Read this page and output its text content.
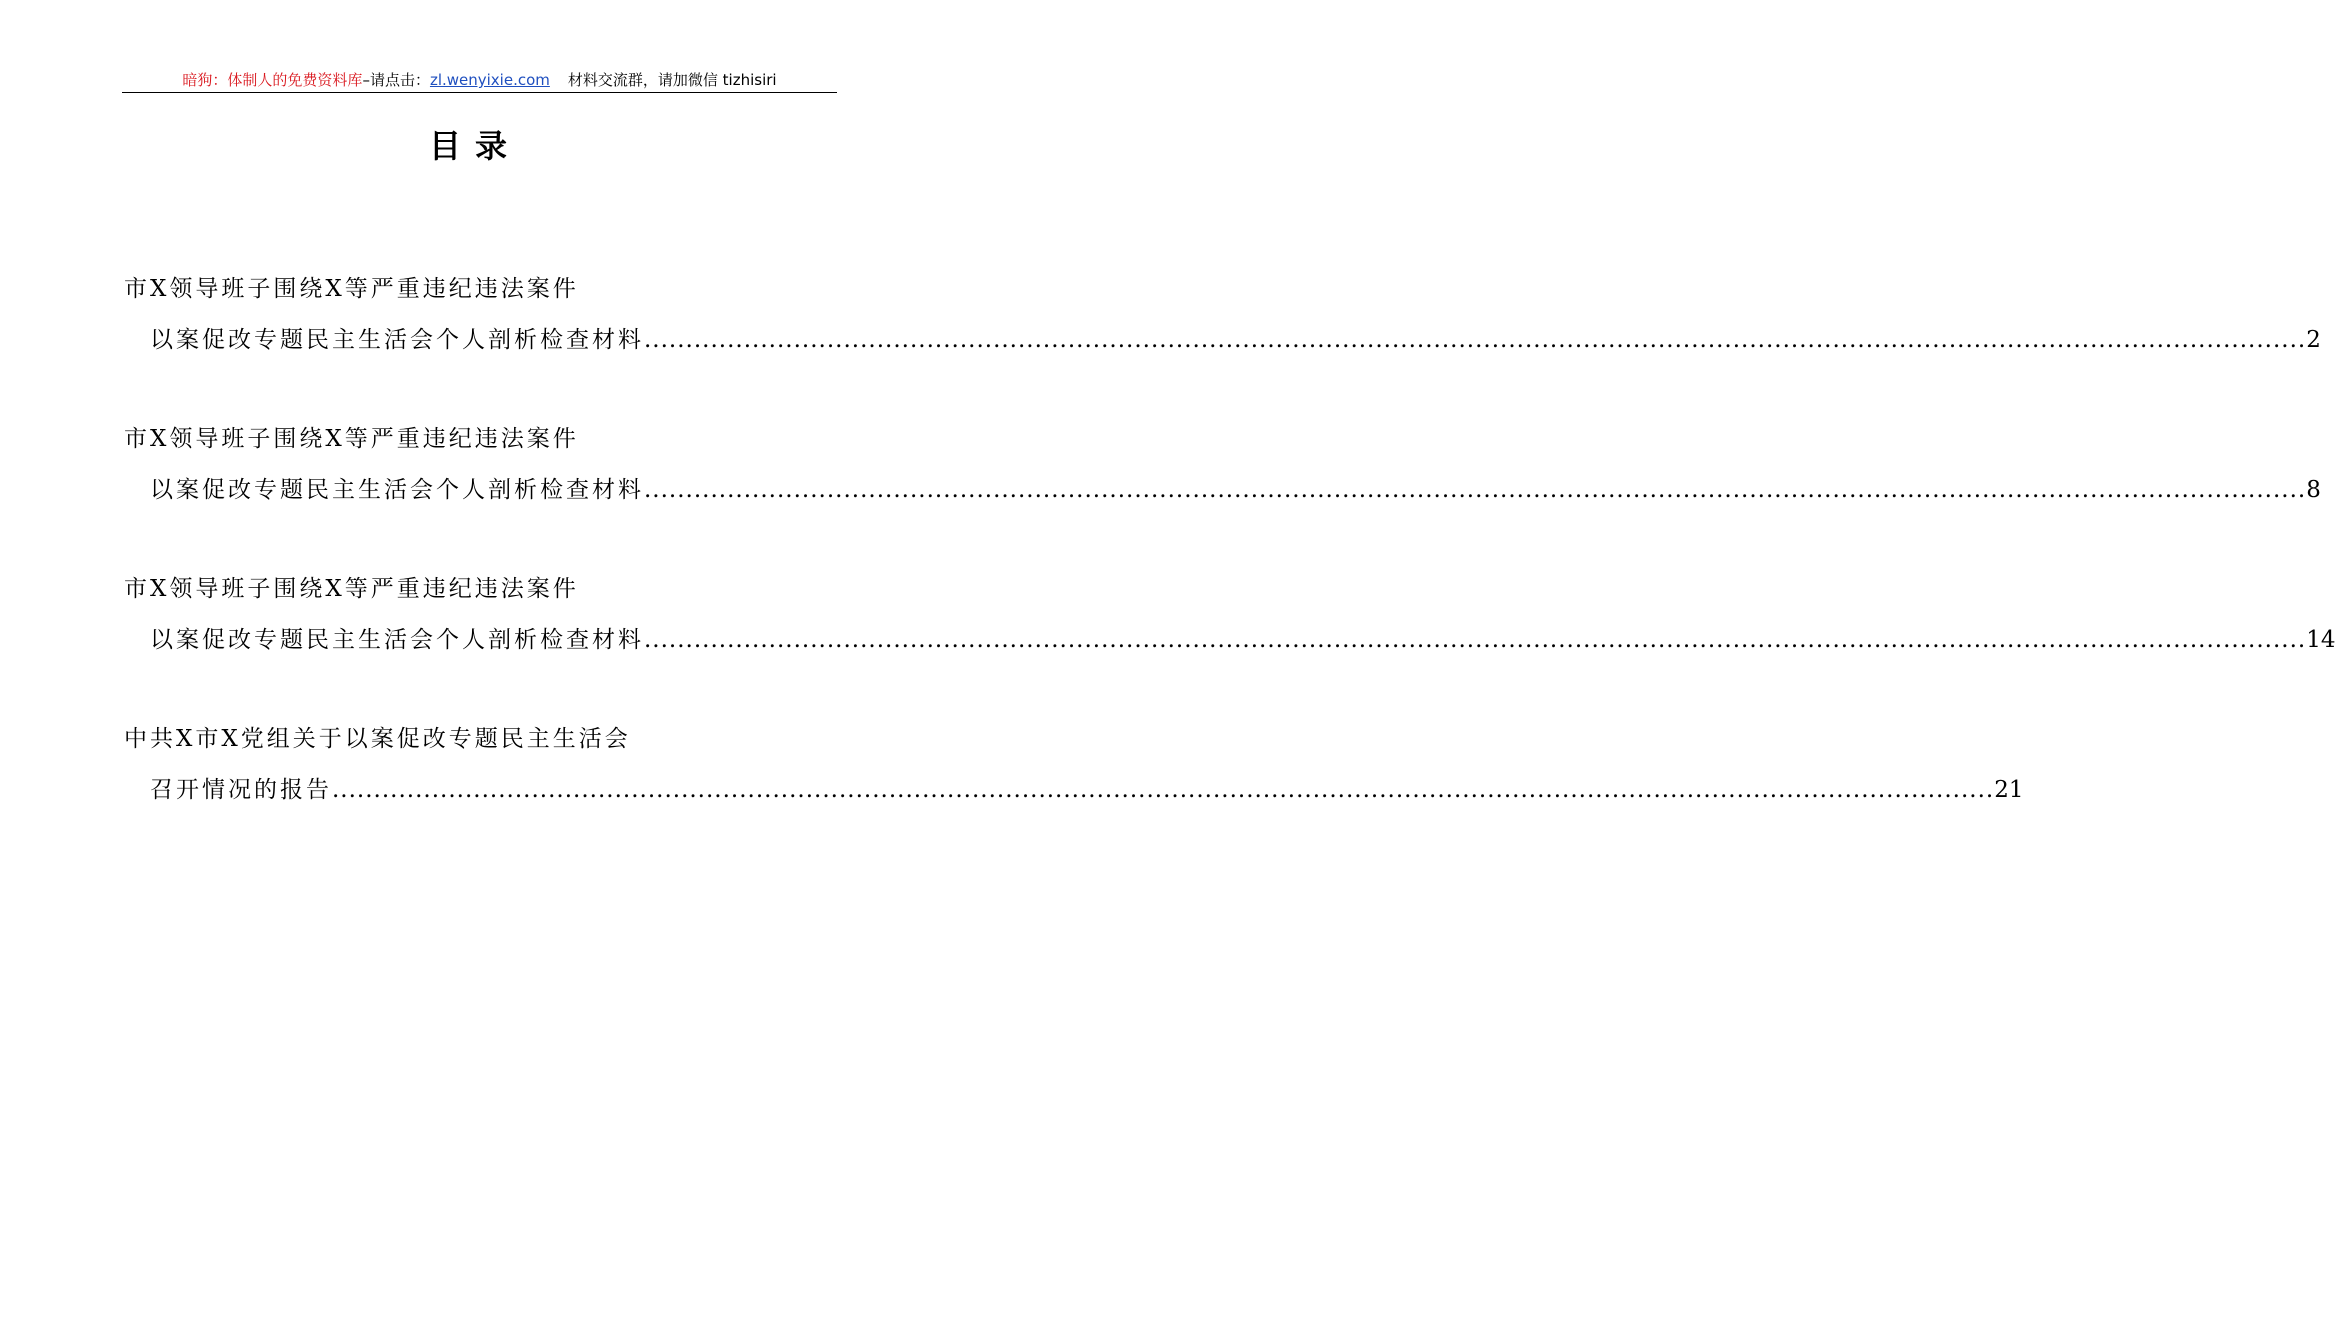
暗狗：体制人的免费资料库–请点击：zl.wenyixie.com 材料交流群，请加微信 tizhisiri
目录
市X领导班子围绕X等严重违纪违法案件
以案促改专题民主生活会个人剖析检查材料 ........................................................................................................................................................................................................ 2
市X领导班子围绕X等严重违纪违法案件
以案促改专题民主生活会个人剖析检查材料 ........................................................................................................................................................................................................ 8
市X领导班子围绕X等严重违纪违法案件
以案促改专题民主生活会个人剖析检查材料 ........................................................................................................................................................................................................ 14
中共X市X党组关于以案促改专题民主生活会
召开情况的报告 ........................................................................................................................................................................................................ 21
